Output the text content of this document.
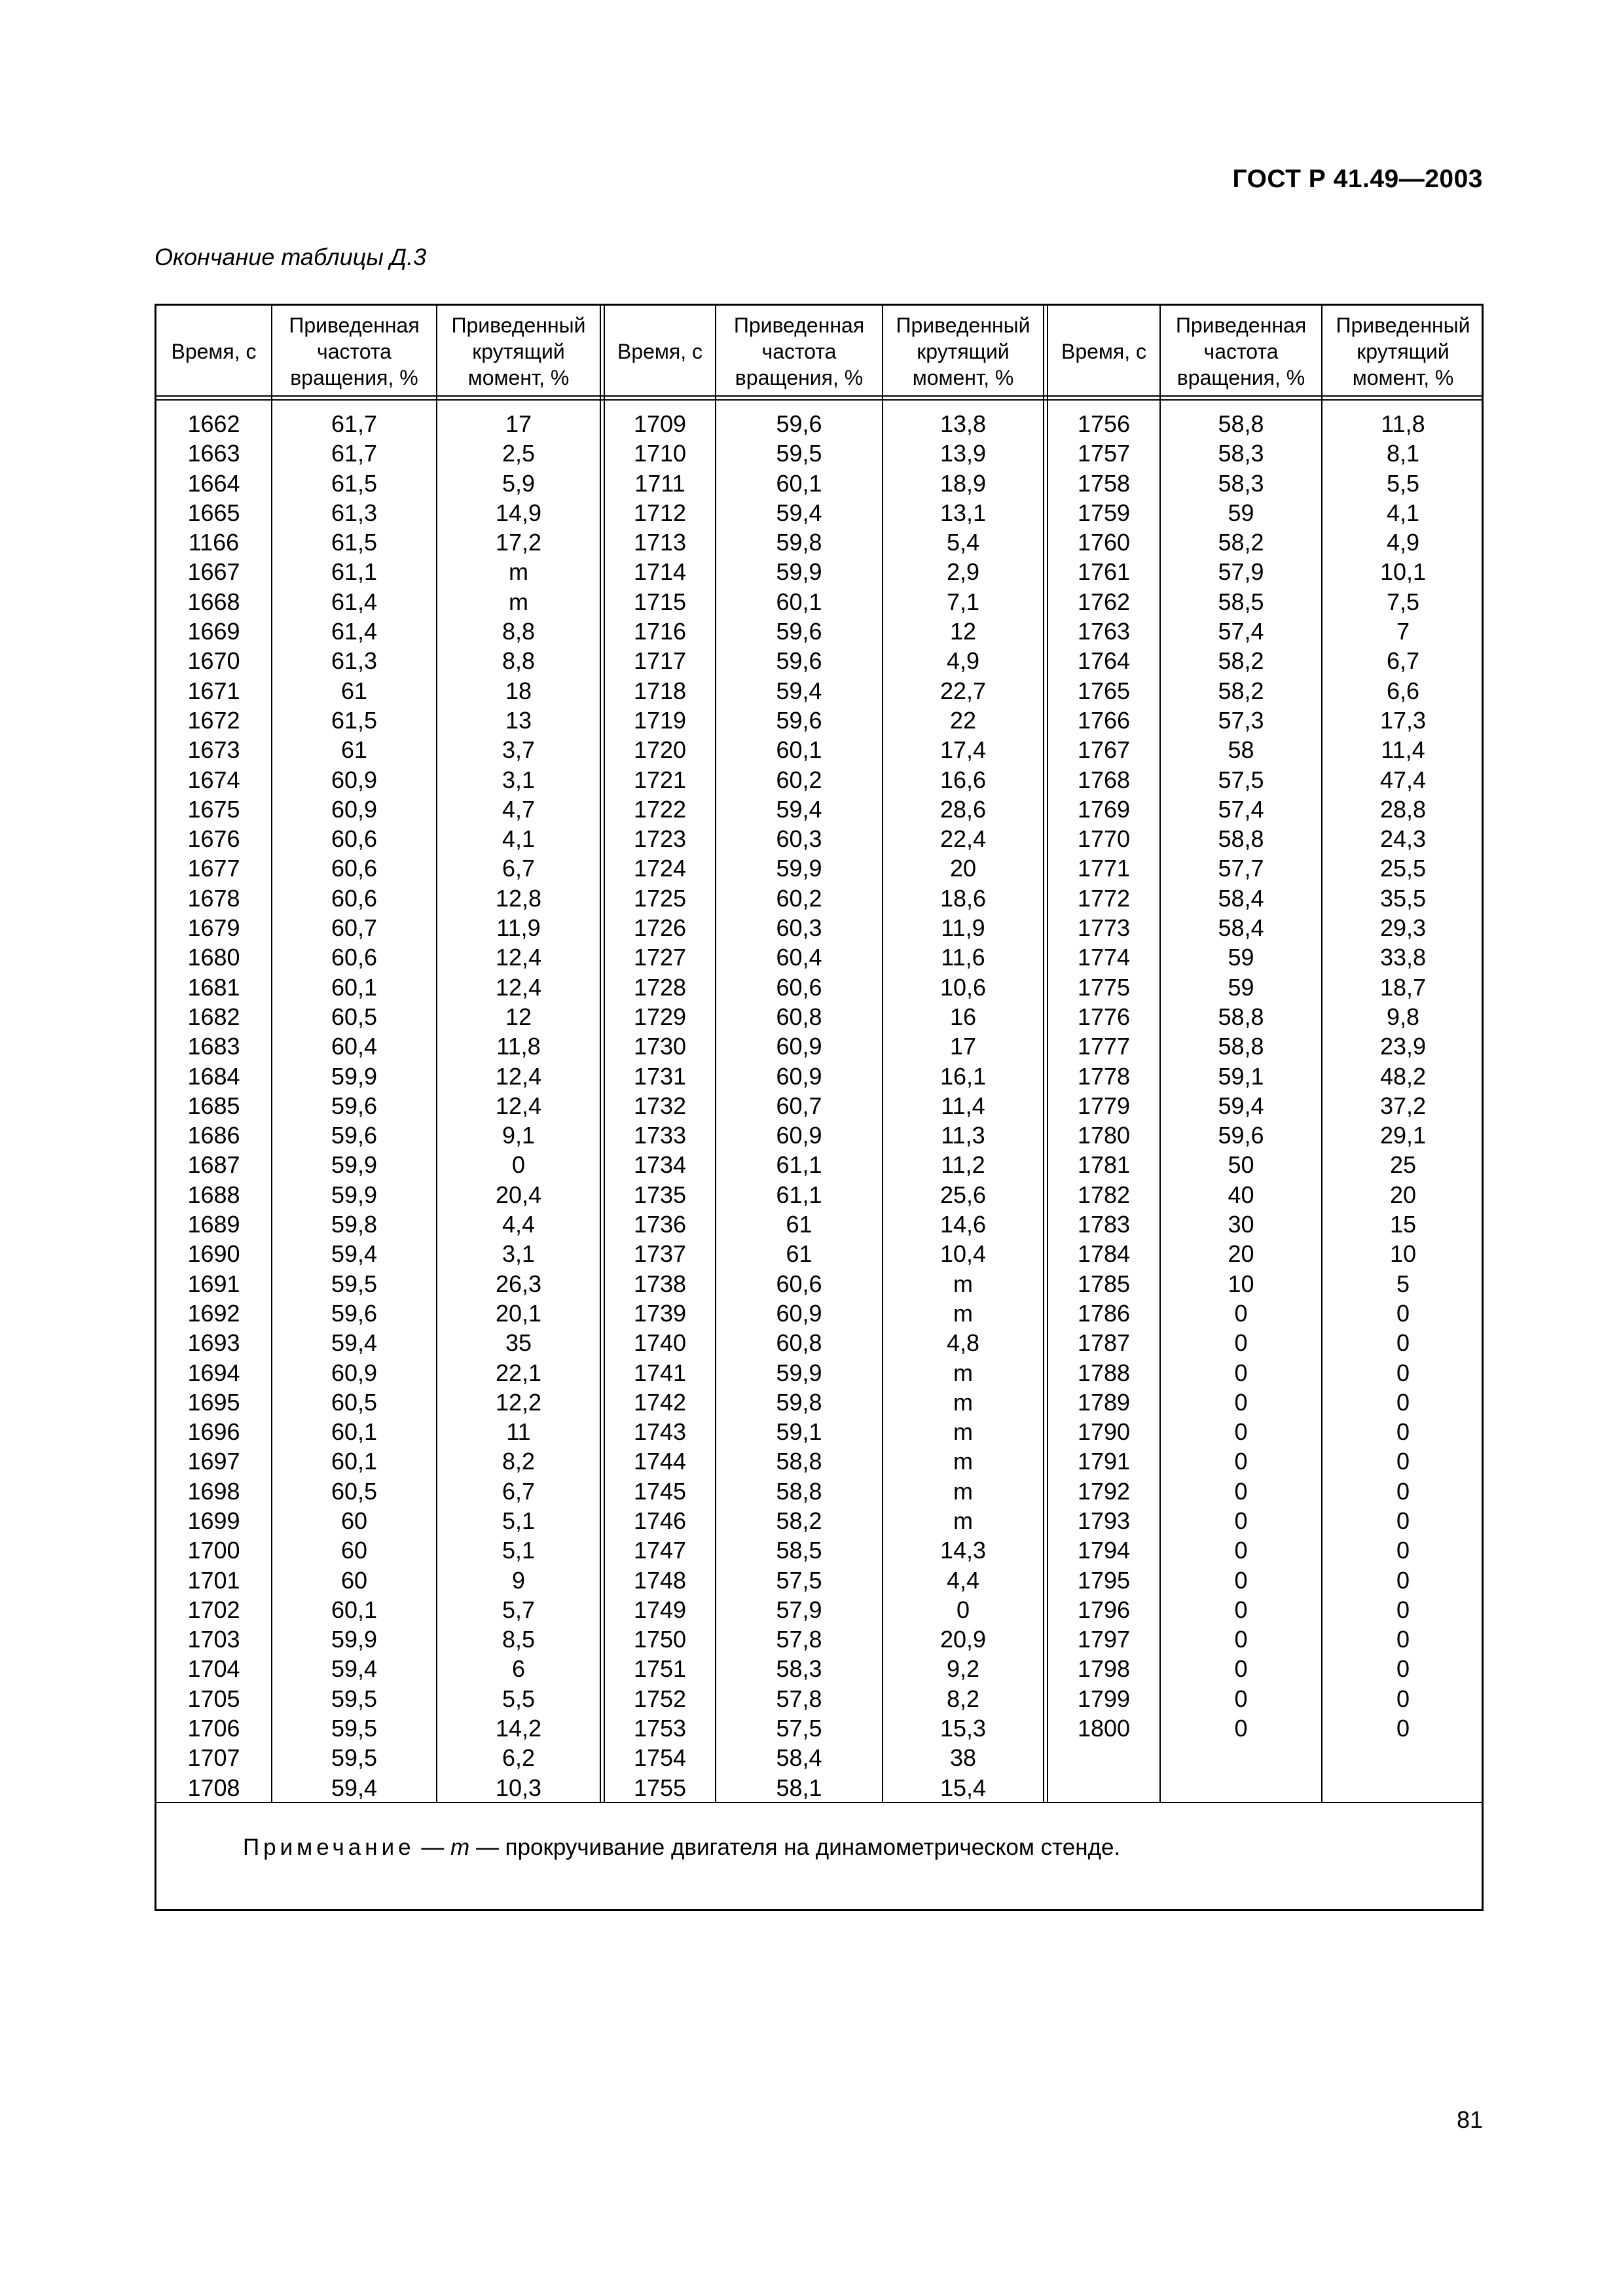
ГОСТ Р 41.49—2003
Окончание таблицы Д.3
Время, с
Приведенная частота вращения, %
Приведенный крутящий момент, %
Время, с
Приведенная частота вращения, %
Приведенный крутящий момент, %
Время, с
Приведенная частота вращения, %
Приведенный крутящий момент, %
1662
1663
1664
1665
1166
1667
1668
1669
1670
1671
1672
1673
1674
1675
1676
1677
1678
1679
1680
1681
1682
1683
1684
1685
1686
1687
1688
1689
1690
1691
1692
1693
1694
1695
1696
1697
1698
1699
1700
1701
1702
1703
1704
1705
1706
1707
1708
61,7
61,7
61,5
61,3
61,5
61,1
61,4
61,4
61,3
61
61,5
61
60,9
60,9
60,6
60,6
60,6
60,7
60,6
60,1
60,5
60,4
59,9
59,6
59,6
59,9
59,9
59,8
59,4
59,5
59,6
59,4
60,9
60,5
60,1
60,1
60,5
60
60
60
60,1
59,9
59,4
59,5
59,5
59,5
59,4
17
2,5
5,9
14,9
17,2
m
m
8,8
8,8
18
13
3,7
3,1
4,7
4,1
6,7
12,8
11,9
12,4
12,4
12
11,8
12,4
12,4
9,1
0
20,4
4,4
3,1
26,3
20,1
35
22,1
12,2
11
8,2
6,7
5,1
5,1
9
5,7
8,5
6
5,5
14,2
6,2
10,3
1709
1710
1711
1712
1713
1714
1715
1716
1717
1718
1719
1720
1721
1722
1723
1724
1725
1726
1727
1728
1729
1730
1731
1732
1733
1734
1735
1736
1737
1738
1739
1740
1741
1742
1743
1744
1745
1746
1747
1748
1749
1750
1751
1752
1753
1754
1755
59,6
59,5
60,1
59,4
59,8
59,9
60,1
59,6
59,6
59,4
59,6
60,1
60,2
59,4
60,3
59,9
60,2
60,3
60,4
60,6
60,8
60,9
60,9
60,7
60,9
61,1
61,1
61
61
60,6
60,9
60,8
59,9
59,8
59,1
58,8
58,8
58,2
58,5
57,5
57,9
57,8
58,3
57,8
57,5
58,4
58,1
13,8
13,9
18,9
13,1
5,4
2,9
7,1
12
4,9
22,7
22
17,4
16,6
28,6
22,4
20
18,6
11,9
11,6
10,6
16
17
16,1
11,4
11,3
11,2
25,6
14,6
10,4
m
m
4,8
m
m
m
m
m
m
14,3
4,4
0
20,9
9,2
8,2
15,3
38
15,4
1756
1757
1758
1759
1760
1761
1762
1763
1764
1765
1766
1767
1768
1769
1770
1771
1772
1773
1774
1775
1776
1777
1778
1779
1780
1781
1782
1783
1784
1785
1786
1787
1788
1789
1790
1791
1792
1793
1794
1795
1796
1797
1798
1799
1800
58,8
58,3
58,3
59
58,2
57,9
58,5
57,4
58,2
58,2
57,3
58
57,5
57,4
58,8
57,7
58,4
58,4
59
59
58,8
58,8
59,1
59,4
59,6
50
40
30
20
10
0
0
0
0
0
0
0
0
0
0
0
0
0
0
0
11,8
8,1
5,5
4,1
4,9
10,1
7,5
7
6,7
6,6
17,3
11,4
47,4
28,8
24,3
25,5
35,5
29,3
33,8
18,7
9,8
23,9
48,2
37,2
29,1
25
20
15
10
5
0
0
0
0
0
0
0
0
0
0
0
0
0
0
0
Примечание — m — прокручивание двигателя на динамометрическом стенде.
81
